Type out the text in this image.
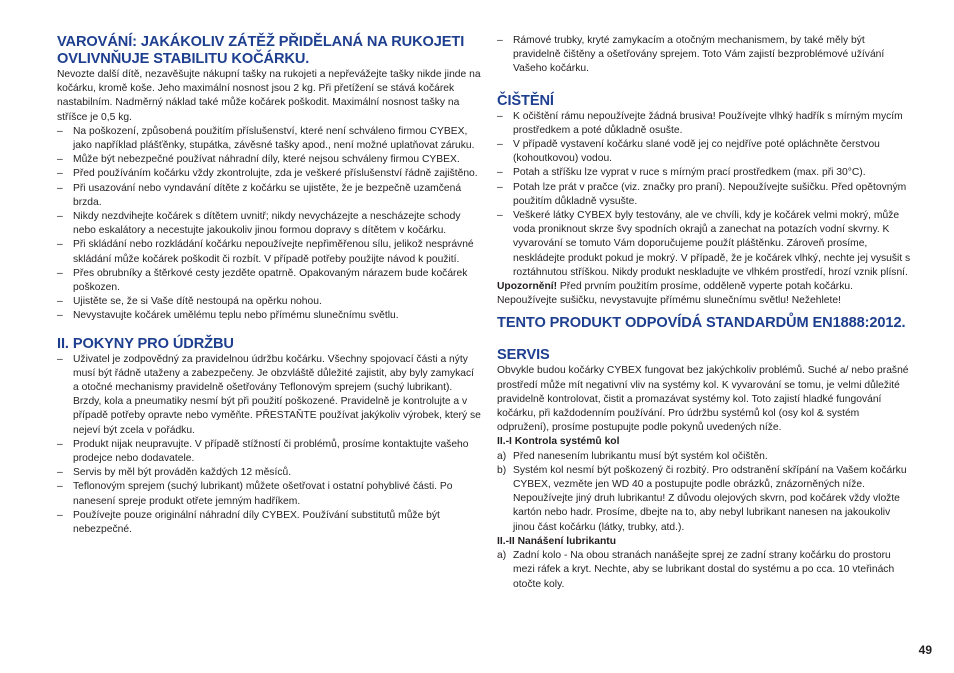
VAROVÁNÍ: JAKÁKOLIV ZÁTĚŽ PŘIDĚLANÁ NA RUKOJETI
OVLIVNŇUJE STABILITU KOČÁRKU.

Nevozte další dítě, nezavěšujte nákupní tašky na rukojeti a nepřevážejte tašky nikde jinde na kočárku, kromě koše. Jeho maximální nosnost jsou 2 kg. Při přetížení se stává kočárek nastabilním. Nadměrný náklad také může kočárek poškodit. Maximální nosnost tašky na stříšce je 0,5 kg.

– Na poškození, způsobená použitím příslušenství, které není schváleno firmou CYBEX, jako například plášťěnky, stupátka, závěsné tašky apod., není možné uplatňovat záruku.
– Může být nebezpečné používat náhradní díly, které nejsou schváleny firmou CYBEX.
– Před používáním kočárku vždy zkontrolujte, zda je veškeré příslušenství řádně zajištěno.
– Při usazování nebo vyndavání dítěte z kočárku se ujistěte, že je bezpečně uzamčená brzda.
– Nikdy nezdvihejte kočárek s dítětem uvnitř; nikdy nevycházejte a nescházejte schody nebo eskalátory a necestujte jakoukoliv jinou formou dopravy s dítětem v kočárku.
– Při skládání nebo rozkládání kočárku nepoužívejte nepřiměřenou sílu, jelikož nesprávné skládání může kočárek poškodit či rozbít. V případě potřeby použijte návod k použití.
– Přes obrubníky a štěrkové cesty jezděte opatrně. Opakovaným nárazem bude kočárek poškozen.
– Ujistěte se, že si Vaše dítě nestoupá na opěrku nohou.
– Nevystavujte kočárek umělému teplu nebo přímému slunečnímu světlu.
II. POKYNY PRO ÚDRŽBU
– Uživatel je zodpovědný za pravidelnou údržbu kočárku. Všechny spojovací části a nýty musí být řádně utaženy a zabezpečeny. Je obzvláště důležité zajistit, aby byly zamykací a otočné mechanismy pravidelně ošetřovány Teflonovým sprejem (suchý lubrikant). Brzdy, kola a pneumatiky nesmí být při použití poškozené. Pravidelně je kontrolujte a v případě potřeby opravte nebo vyměňte. PŘESTAŇTE používat jakýkoliv výrobek, který se nejeví být zcela v pořádku.
– Produkt nijak neupravujte. V případě stížností či problémů, prosíme kontaktujte vašeho prodejce nebo dodavatele.
– Servis by měl být prováděn každých 12 měsíců.
– Teflonovým sprejem (suchý lubrikant) můžete ošetřovat i ostatní pohyblivé části. Po nanesení spreje produkt otřete jemným hadříkem.
– Používejte pouze originální náhradní díly CYBEX. Používání substitutů může být nebezpečné.
– Rámové trubky, kryté zamykacím a otočným mechanismem, by také měly být pravidelně čištěny a ošetřovány sprejem. Toto Vám zajistí bezproblémové užívání Vašeho kočárku.
ČIŠTĚNÍ
– K očištění rámu nepoužívejte žádná brusiva! Používejte vlhký hadřík s mírným mycím prostředkem a poté důkladně osušte.
– V případě vystavení kočárku slané vodě jej co nejdříve poté opláchněte čerstvou (kohoutkovou) vodou.
– Potah a stříšku lze vyprat v ruce s mírným prací prostředkem (max. při 30°C).
– Potah lze prát v pračce (viz. značky pro praní). Nepoužívejte sušičku. Před opětovným použitím důkladně vysušte.
– Veškeré látky CYBEX byly testovány, ale ve chvíli, kdy je kočárek velmi mokrý, může voda proniknout skrze švy spodních okrajů a zanechat na potazích vodní skvrny. K vyvarování se tomuto Vám doporučujeme použít pláštěnku. Zároveň prosíme, neskládejte produkt pokud je mokrý. V případě, že je kočárek vlhký, nechte jej vysušit s roztáhnutou stříškou. Nikdy produkt neskladujte ve vlhkém prostředí, hrozí vznik plísní.

Upozornění! Před prvním použitím prosíme, odděleně vyperte potah kočárku. Nepoužívejte sušičku, nevystavujte přímému slunečnímu světlu! Nežehlete!

TENTO PRODUKT ODPOVÍDÁ STANDARDŮM EN1888:2012.
SERVIS

Obvykle budou kočárky CYBEX fungovat bez jakýchkoliv problémů. Suché a/ nebo prašné prostředí může mít negativní vliv na systémy kol. K vyvarování se tomu, je velmi důležité pravidelně kontrolovat, čistit a promazávat systémy kol. Toto zajistí hladké fungování kočárku, při každodenním používání. Pro údržbu systémů kol (osy kol & systém odpružení), prosíme postupujte podle pokynů uvedených níže.

II.-I Kontrola systémů kol
a) Před nanesením lubrikantu musí být systém kol očištěn.
b) Systém kol nesmí být poškozený či rozbitý. Pro odstranění skřípání na Vašem kočárku CYBEX, vezměte jen WD 40 a postupujte podle obrázků, znázorněných níže. Nepoužívejte jiný druh lubrikantu! Z důvodu olejových skvrn, pod kočárek vždy vložte kartón nebo hadr. Prosíme, dbejte na to, aby nebyl lubrikant nanesen na jakoukoliv jinou část kočárku (látky, trubky, atd.).
II.-II Nanášení lubrikantu
a) Zadní kolo - Na obou stranách nanášejte sprej ze zadní strany kočárku do prostoru mezi ráfek a kryt. Nechte, aby se lubrikant dostal do systému a po cca. 10 vteřinách otočte koly.
49
